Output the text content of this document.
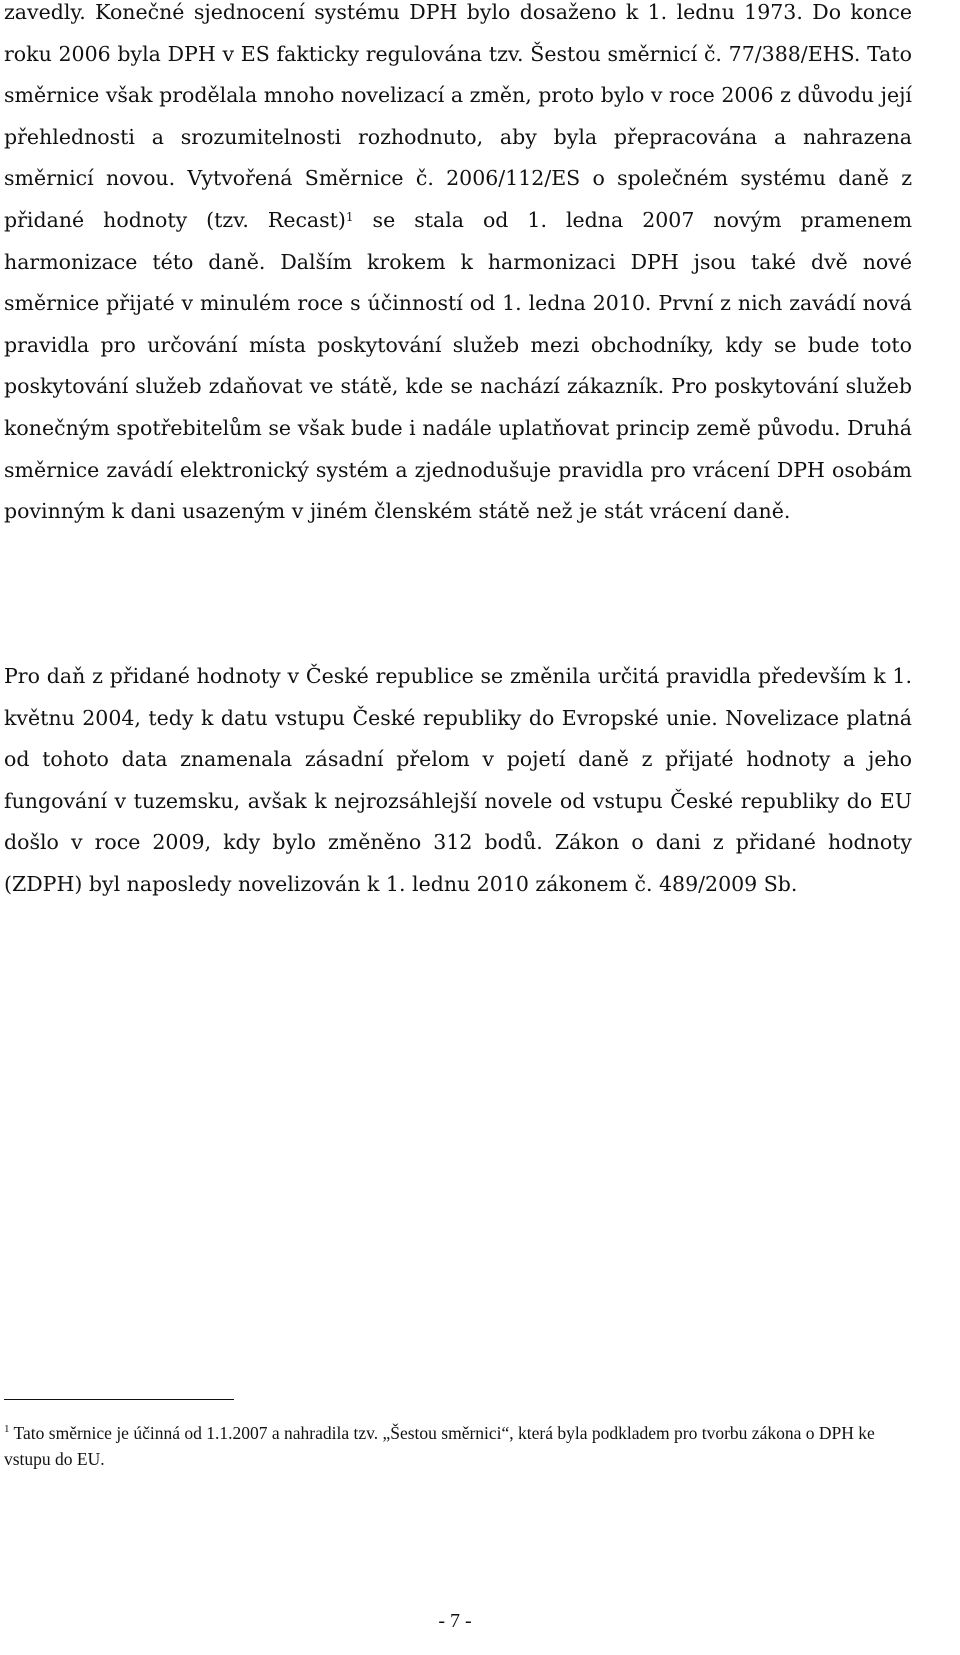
zavedly. Konečné sjednocení systému DPH bylo dosaženo k 1. lednu 1973. Do konce roku 2006 byla DPH v ES fakticky regulována tzv. Šestou směrnicí č. 77/388/EHS. Tato směrnice však prodělala mnoho novelizací a změn, proto bylo v roce 2006 z důvodu její přehlednosti a srozumitelnosti rozhodnuto, aby byla přepracována a nahrazena směrnicí novou. Vytvořená Směrnice č. 2006/112/ES o společném systému daně z přidané hodnoty (tzv. Recast)$^1$ se stala od 1. ledna 2007 novým pramenem harmonizace této daně. Dalším krokem k harmonizaci DPH jsou také dvě nové směrnice přijaté v minulém roce s účinností od 1. ledna 2010. První z nich zavádí nová pravidla pro určování místa poskytování služeb mezi obchodníky, kdy se bude toto poskytování služeb zdaňovat ve státě, kde se nachází zákazník. Pro poskytování služeb konečným spotřebitelům se však bude i nadále uplatňovat princip země původu. Druhá směrnice zavádí elektronický systém a zjednodušuje pravidla pro vrácení DPH osobám povinným k dani usazeným v jiném členském státě než je stát vrácení daně.

Pro daň z přidané hodnoty v České republice se změnila určitá pravidla především k 1. květnu 2004, tedy k datu vstupu České republiky do Evropské unie. Novelizace platná od tohoto data znamenala zásadní přelom v pojetí daně z přijaté hodnoty a jeho fungování v tuzemsku, avšak k nejrozsáhlejší novele od vstupu České republiky do EU došlo v roce 2009, kdy bylo změněno 312 bodů. Zákon o dani z přidané hodnoty (ZDPH) byl naposledy novelizován k 1. lednu 2010 zákonem č. 489/2009 Sb.

$^1$ Tato směrnice je účinná od 1.1.2007 a nahradila tzv. „Šestou směrnici“, která byla podkladem pro tvorbu zákona o DPH ke vstupu do EU.

- 7 -
